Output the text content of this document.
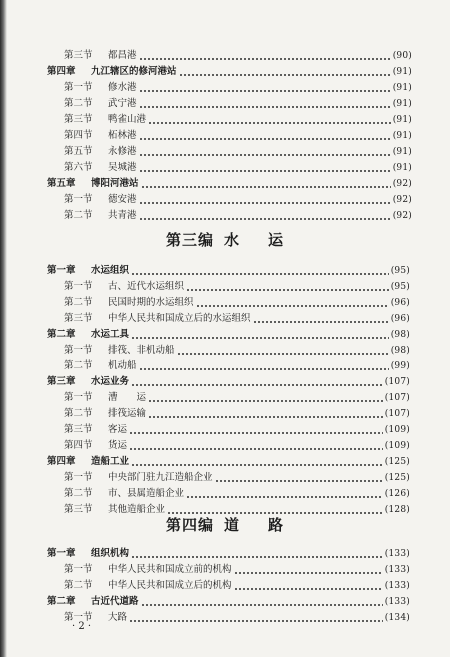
第三节	都昌港	(90)
第四章	九江辖区的修河港站	(91)
第一节	修水港	(91)
第二节	武宁港	(91)
第三节	鸭雀山港	(91)
第四节	柘林港	(91)
第五节	永修港	(91)
第六节	吴城港	(91)
第五章	博阳河港站	(92)
第一节	德安港	(92)
第二节	共青港	(92)
第三编 水 运
第一章	水运组织	(95)
第一节	古、近代水运组织	(95)
第二节	民国时期的水运组织	(96)
第三节	中华人民共和国成立后的水运组织	(96)
第二章	水运工具	(98)
第一节	排筏、非机动船	(98)
第二节	机动船	(99)
第三章	水运业务	(107)
第一节	漕　　运	(107)
第二节	排筏运输	(107)
第三节	客运	(109)
第四节	货运	(109)
第四章	造船工业	(125)
第一节	中央部门驻九江造船企业	(125)
第二节	市、县属造船企业	(126)
第三节	其他造船企业	(128)
第四编 道 路
第一章	组织机构	(133)
第一节	中华人民共和国成立前的机构	(133)
第二节	中华人民共和国成立后的机构	(133)
第二章	古近代道路	(133)
第一节	大路	(134)
· 2 ·
